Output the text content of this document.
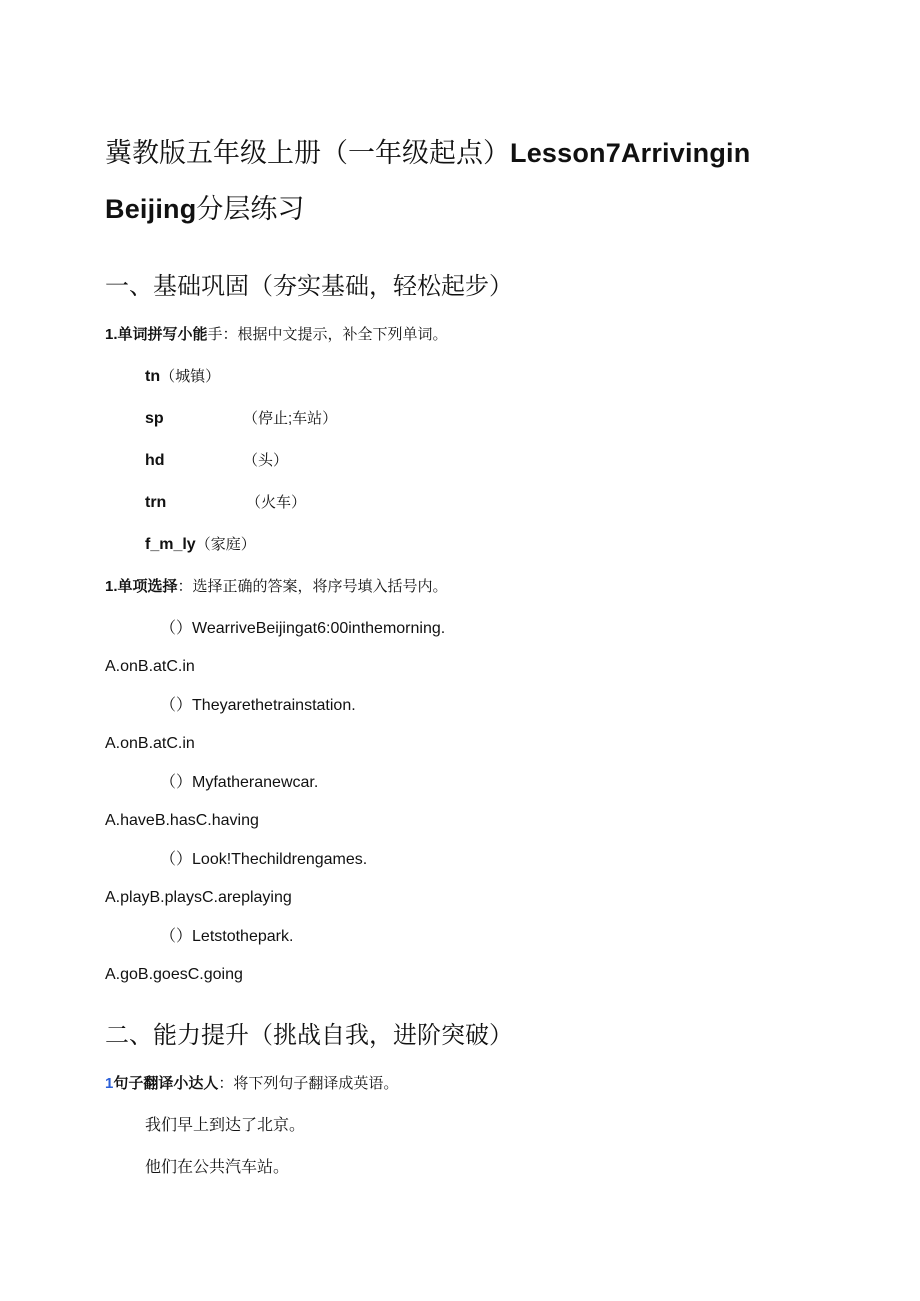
冀教版五年级上册（一年级起点）Lesson7Arrivingin
Beijing分层练习
一、基础巩固（夯实基础，轻松起步）
1.单词拼写小能手：根据中文提示，补全下列单词。
tn（城镇）
sp	（停止;车站）
hd	（头）
trn	（火车）
f_m_ly（家庭）
1.单项选择：选择正确的答案，将序号填入括号内。
（）WearriveBeijingat6:00inthemorning.
A.onB.atC.in
（）Theyarethetrainstation.
A.onB.atC.in
（）Myfatheranewcar.
A.haveB.hasC.having
（）Look!Thechildrengames.
A.playB.playsC.areplaying
（）Letstothepark.
A.goB.goesC.going
二、能力提升（挑战自我，进阶突破）
1句子翻译小达人：将下列句子翻译成英语。
我们早上到达了北京。
他们在公共汽车站。
